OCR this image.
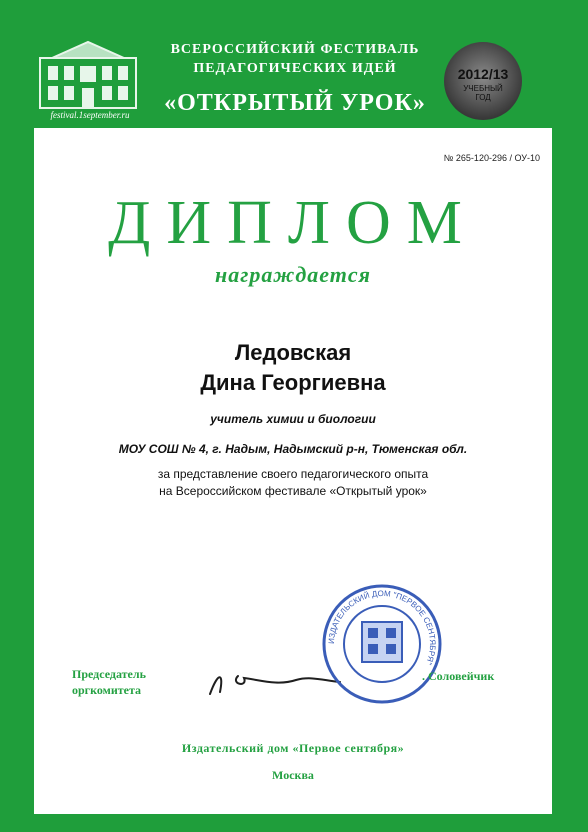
festival.1september.ru
ВСЕРОССИЙСКИЙ ФЕСТИВАЛЬ
ПЕДАГОГИЧЕСКИХ ИДЕЙ
«ОТКРЫТЫЙ УРОК»
2012/13
УЧЕБНЫЙ ГОД
№ 265-120-296 / ОУ-10
ДИПЛОМ
награждается
Ледовская
Дина Георгиевна
учитель химии и биологии
МОУ СОШ № 4, г. Надым, Надымский р-н, Тюменская обл.
за представление своего педагогического опыта
на Всероссийском фестивале «Открытый урок»
Председатель
оргкомитета
ИЗДАТЕЛЬСКИЙ ДОМ "ПЕРВОЕ СЕНТЯБРЯ"
. Соловейчик
Издательский дом «Первое сентября»
Москва
